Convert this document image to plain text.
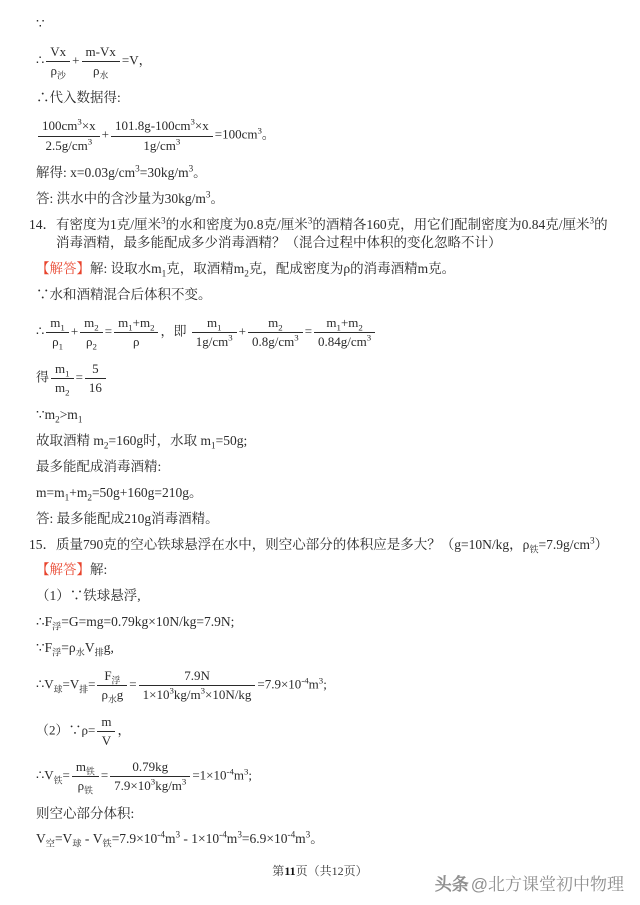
∵
∴ $\frac{Vx}{\rho_沙} + \frac{m-Vx}{\rho_水} =V$，
∴代入数据得:
$\frac{100cm^3\times x}{2.5g/cm^3} + \frac{101.8g-100cm^3\times x}{1g/cm^3} =100cm^3$。
解得: $x=0.03g/cm^3=30kg/m^3$。
答: 洪水中的含沙量为$30kg/m^3$。
14．有密度为1克/厘米$^3$的水和密度为0.8克/厘米$^3$的酒精各160克，用它们配制密度为0.84克/厘米$^3$的消毒酒精，最多能配成多少消毒酒精？（混合过程中体积的变化忽略不计）
【解答】解: 设取水$m_1$克，取酒精$m_2$克，配成密度为ρ的消毒酒精m克。
∵水和酒精混合后体积不变。
∴ $\frac{m_1}{\rho_1} + \frac{m_2}{\rho_2} = \frac{m_1+m_2}{\rho}$ ，即 $\frac{m_1}{1g/cm^3} + \frac{m_2}{0.8g/cm^3} = \frac{m_1+m_2}{0.84g/cm^3}$
得 $\frac{m_1}{m_2} = \frac{5}{16}$
$\because m_2>m_1$
故取酒精 $m_2=160g$时，水取 $m_1=50g$;
最多能配成消毒酒精:
$m=m_1+m_2=50g+160g=210g$。
答: 最多能配成210g消毒酒精。
15．质量790克的空心铁球悬浮在水中，则空心部分的体积应是多大？（g=10N/kg，$\rho_铁=7.9g/cm^3$）
【解答】解:
（1）∵铁球悬浮,
$\therefore F_浮=G=mg=0.79kg\times 10N/kg=7.9N$;
$\because F_浮=\rho_水V_排g$,
$\therefore V_球=V_排= \frac{F_浮}{\rho_水g} = \frac{7.9N}{1\times 10^3kg/m^3\times 10N/kg} =7.9\times 10^{-4}m^3$;
（2）∵ρ= $\frac{m}{V}$ ，
$\therefore V_铁= \frac{m_铁}{\rho_铁} = \frac{0.79kg}{7.9\times 10^3kg/m^3} =1\times 10^{-4}m^3$;
则空心部分体积:
$V_空=V_球 - V_铁=7.9\times 10^{-4}m^3 - 1\times 10^{-4}m^3=6.9\times 10^{-4}m^3$。
第11页（共12页）
头条 @北方课堂初中物理
